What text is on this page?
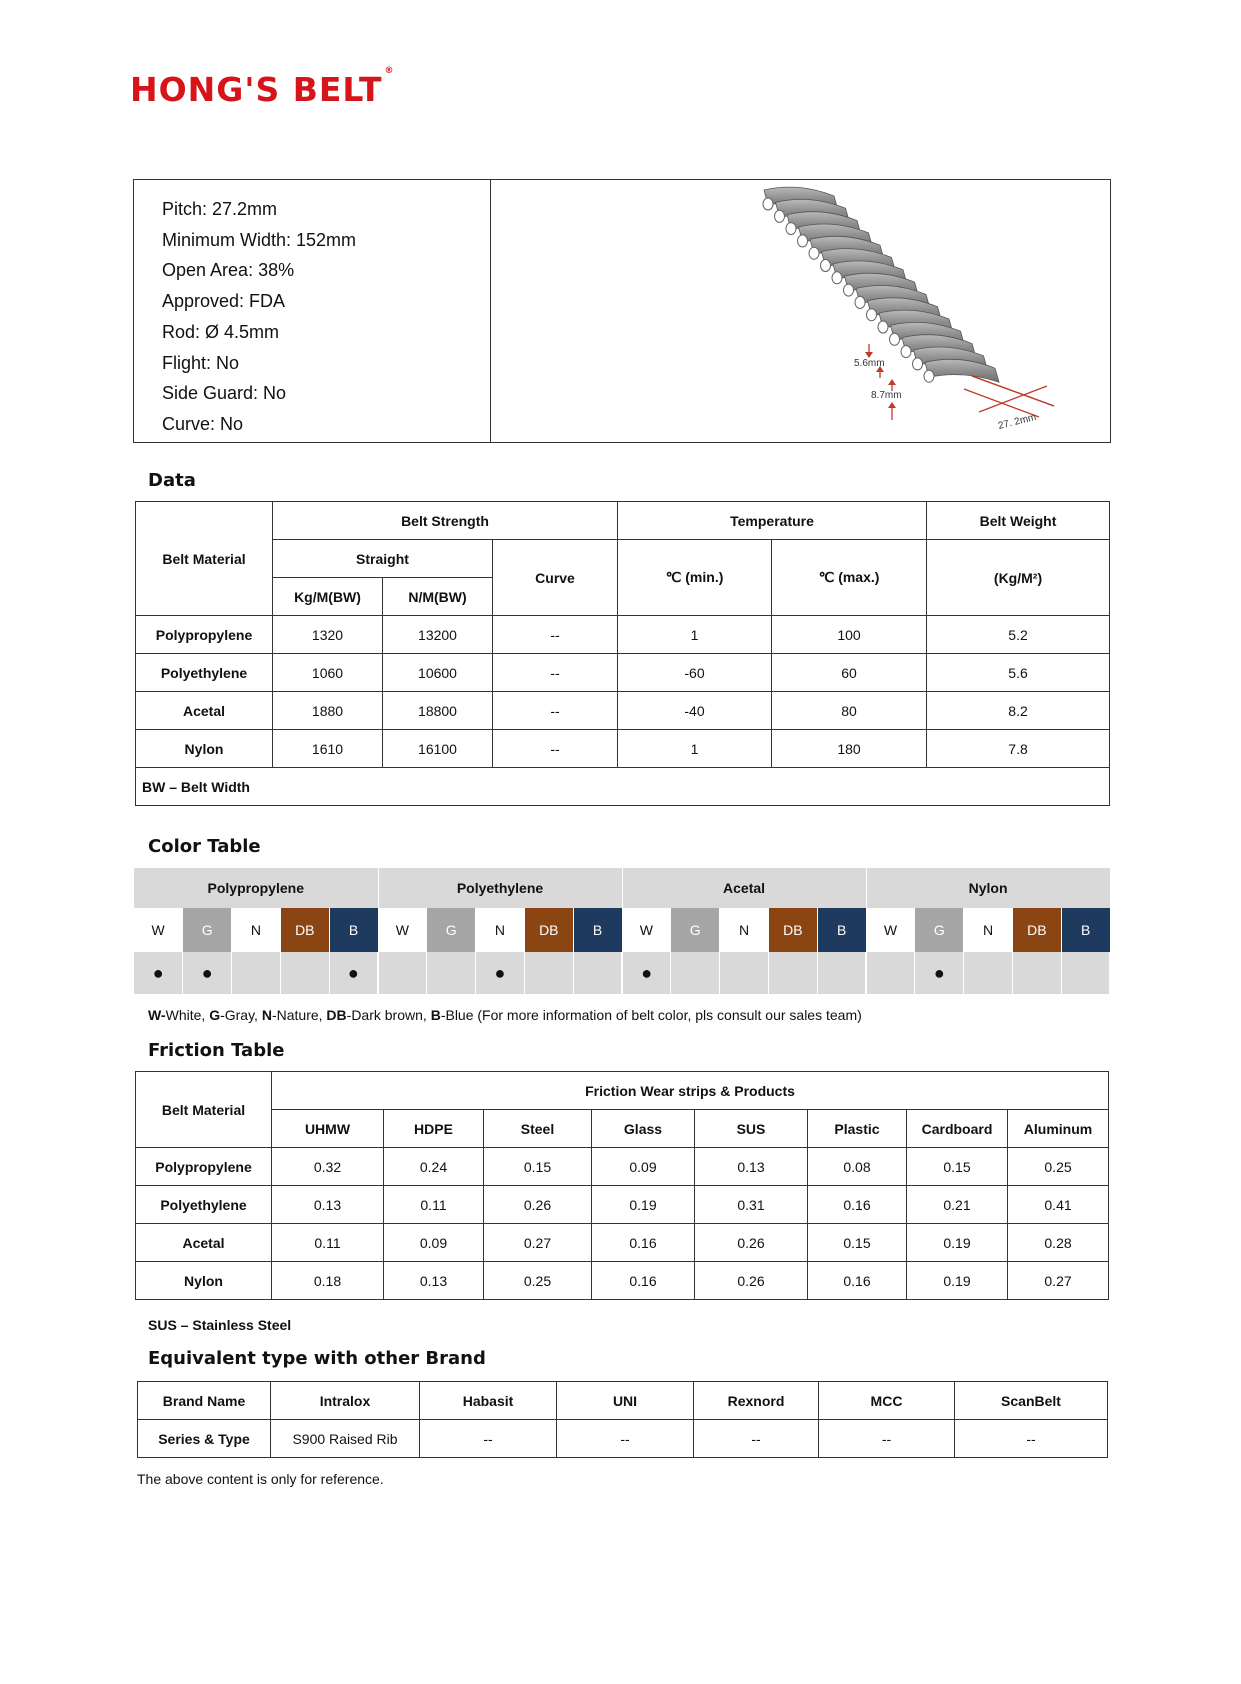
HONG'S BELT ®
Pitch: 27.2mm
Minimum Width: 152mm
Open Area: 38%
Approved: FDA
Rod: Ø 4.5mm
Flight: No
Side Guard: No
Curve: No
5.6mm
8.7mm
27. 2mm
Data
Belt Material	Belt Strength			Temperature		Belt Weight
	Straight		Curve	℃ (min.)	℃ (max.)	(Kg/M²)
	Kg/M(BW)	N/M(BW)				
Polypropylene	1320	13200	--	1	100	5.2
Polyethylene	1060	10600	--	-60	60	5.6
Acetal	1880	18800	--	-40	80	8.2
Nylon	1610	16100	--	1	180	7.8
BW – Belt Width						
Color Table
Polypropylene					Polyethylene					Acetal					Nylon				
W	G	N	DB	B	W	G	N	DB	B	W	G	N	DB	B	W	G	N	DB	B
●	●			●			●			●						●			
W-White, G-Gray, N-Nature, DB-Dark brown, B-Blue (For more information of belt color, pls consult our sales team)
Friction Table
Belt Material	Friction Wear strips & Products							
	UHMW	HDPE	Steel	Glass	SUS	Plastic	Cardboard	Aluminum
Polypropylene	0.32	0.24	0.15	0.09	0.13	0.08	0.15	0.25
Polyethylene	0.13	0.11	0.26	0.19	0.31	0.16	0.21	0.41
Acetal	0.11	0.09	0.27	0.16	0.26	0.15	0.19	0.28
Nylon	0.18	0.13	0.25	0.16	0.26	0.16	0.19	0.27
SUS – Stainless Steel
Equivalent type with other Brand
Brand Name	Intralox	Habasit	UNI	Rexnord	MCC	ScanBelt
Series & Type	S900 Raised Rib	--	--	--	--	--
The above content is only for reference.
